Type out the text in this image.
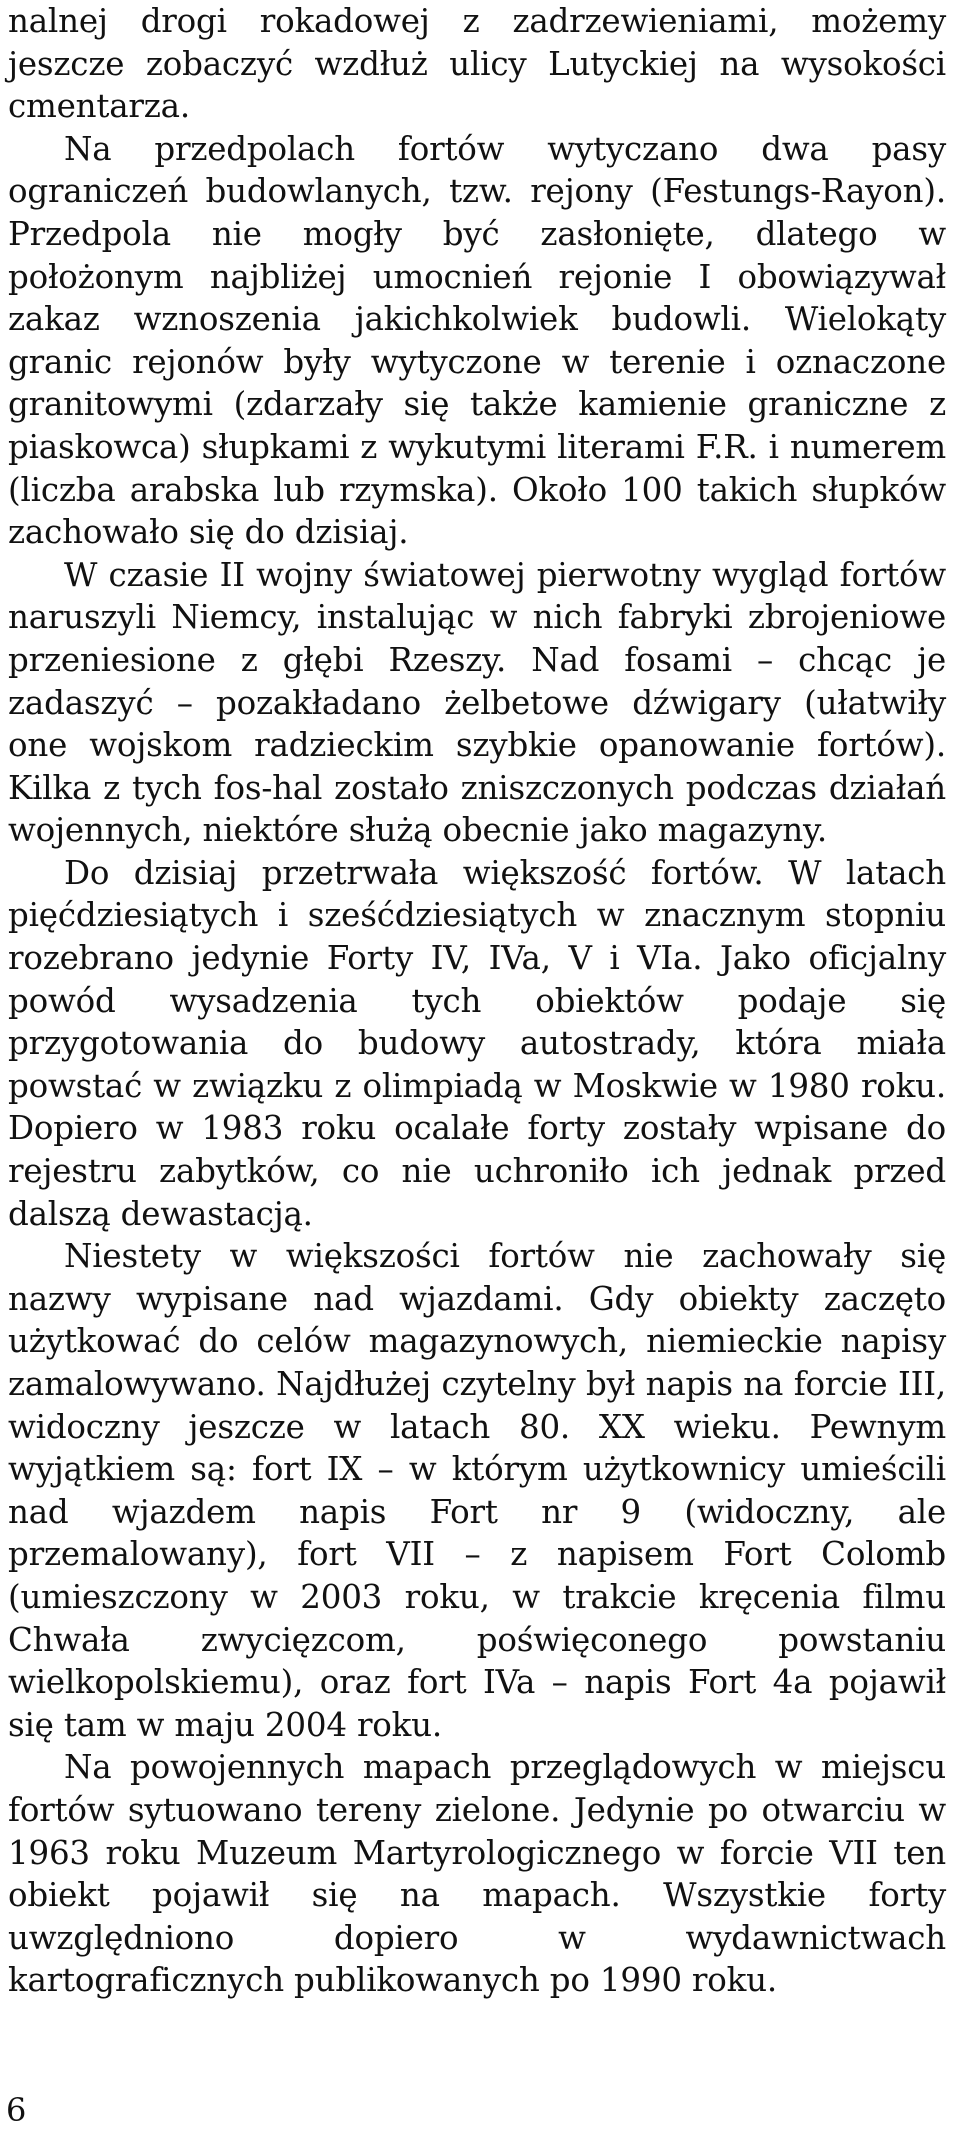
nalnej drogi rokadowej z zadrzewieniami, możemy jeszcze zobaczyć wzdłuż ulicy Lutyckiej na wysokości cmentarza.

Na przedpolach fortów wytyczano dwa pasy ograniczeń budowlanych, tzw. rejony (Festungs-Rayon). Przedpola nie mogły być zasłonięte, dlatego w położonym najbliżej umocnień rejonie I obowiązywał zakaz wznoszenia jakichkolwiek budowli. Wielokąty granic rejonów były wytyczone w terenie i oznaczone granitowymi (zdarzały się także kamienie graniczne z piaskowca) słupkami z wykutymi literami F.R. i numerem (liczba arabska lub rzymska). Około 100 takich słupków zachowało się do dzisiaj.

W czasie II wojny światowej pierwotny wygląd fortów naruszyli Niemcy, instalując w nich fabryki zbrojeniowe przeniesione z głębi Rzeszy. Nad fosami – chcąc je zadaszyć – pozakładano żelbetowe dźwigary (ułatwiły one wojskom radzieckim szybkie opanowanie fortów). Kilka z tych fos-hal zostało zniszczonych podczas działań wojennych, niektóre służą obecnie jako magazyny.

Do dzisiaj przetrwała większość fortów. W latach pięćdziesiątych i sześćdziesiątych w znacznym stopniu rozebrano jedynie Forty IV, IVa, V i VIa. Jako oficjalny powód wysadzenia tych obiektów podaje się przygotowania do budowy autostrady, która miała powstać w związku z olimpiadą w Moskwie w 1980 roku. Dopiero w 1983 roku ocalałe forty zostały wpisane do rejestru zabytków, co nie uchroniło ich jednak przed dalszą dewastacją.

Niestety w większości fortów nie zachowały się nazwy wypisane nad wjazdami. Gdy obiekty zaczęto użytkować do celów magazynowych, niemieckie napisy zamalowywano. Najdłużej czytelny był napis na forcie III, widoczny jeszcze w latach 80. XX wieku. Pewnym wyjątkiem są: fort IX – w którym użytkownicy umieścili nad wjazdem napis Fort nr 9 (widoczny, ale przemalowany), fort VII – z napisem Fort Colomb (umieszczony w 2003 roku, w trakcie kręcenia filmu Chwała zwycięzcom, poświęconego powstaniu wielkopolskiemu), oraz fort IVa – napis Fort 4a pojawił się tam w maju 2004 roku.

Na powojennych mapach przeglądowych w miejscu fortów sytuowano tereny zielone. Jedynie po otwarciu w 1963 roku Muzeum Martyrologicznego w forcie VII ten obiekt pojawił się na mapach. Wszystkie forty uwzględniono dopiero w wydawnictwach kartograficznych publikowanych po 1990 roku.

6
